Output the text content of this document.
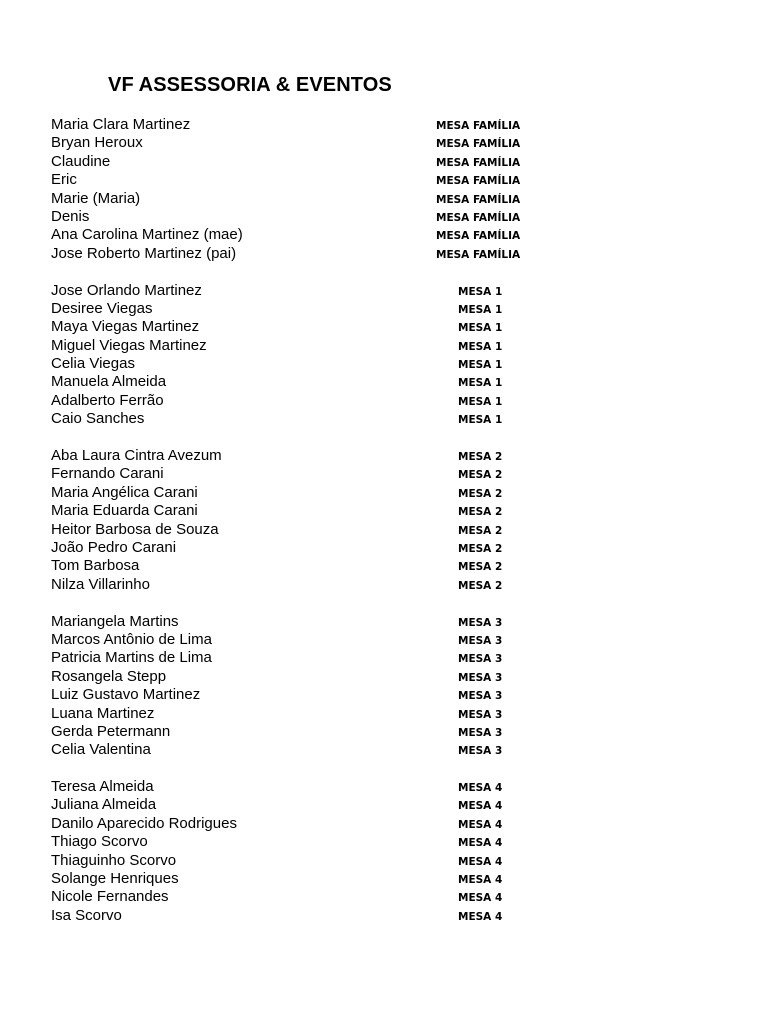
VF ASSESSORIA & EVENTOS
Maria Clara Martinez	MESA FAMÍLIA
Bryan Heroux	MESA FAMÍLIA
Claudine	MESA FAMÍLIA
Eric	MESA FAMÍLIA
Marie (Maria)	MESA FAMÍLIA
Denis	MESA FAMÍLIA
Ana Carolina Martinez (mae)	MESA FAMÍLIA
Jose Roberto Martinez (pai)	MESA FAMÍLIA
Jose Orlando Martinez	MESA 1
Desiree Viegas	MESA 1
Maya Viegas Martinez	MESA 1
Miguel Viegas Martinez	MESA 1
Celia Viegas	MESA 1
Manuela Almeida	MESA 1
Adalberto Ferrão	MESA 1
Caio Sanches	MESA 1
Aba Laura Cintra Avezum	MESA 2
Fernando Carani	MESA 2
Maria Angélica Carani	MESA 2
Maria Eduarda Carani	MESA 2
Heitor Barbosa de Souza	MESA 2
João Pedro Carani	MESA 2
Tom Barbosa	MESA 2
Nilza Villarinho	MESA 2
Mariangela Martins	MESA 3
Marcos Antônio de Lima	MESA 3
Patricia Martins de Lima	MESA 3
Rosangela Stepp	MESA 3
Luiz Gustavo Martinez	MESA 3
Luana Martinez	MESA 3
Gerda Petermann	MESA 3
Celia Valentina	MESA 3
Teresa Almeida	MESA 4
Juliana Almeida	MESA 4
Danilo Aparecido Rodrigues	MESA 4
Thiago Scorvo	MESA 4
Thiaguinho Scorvo	MESA 4
Solange Henriques	MESA 4
Nicole Fernandes	MESA 4
Isa Scorvo	MESA 4
